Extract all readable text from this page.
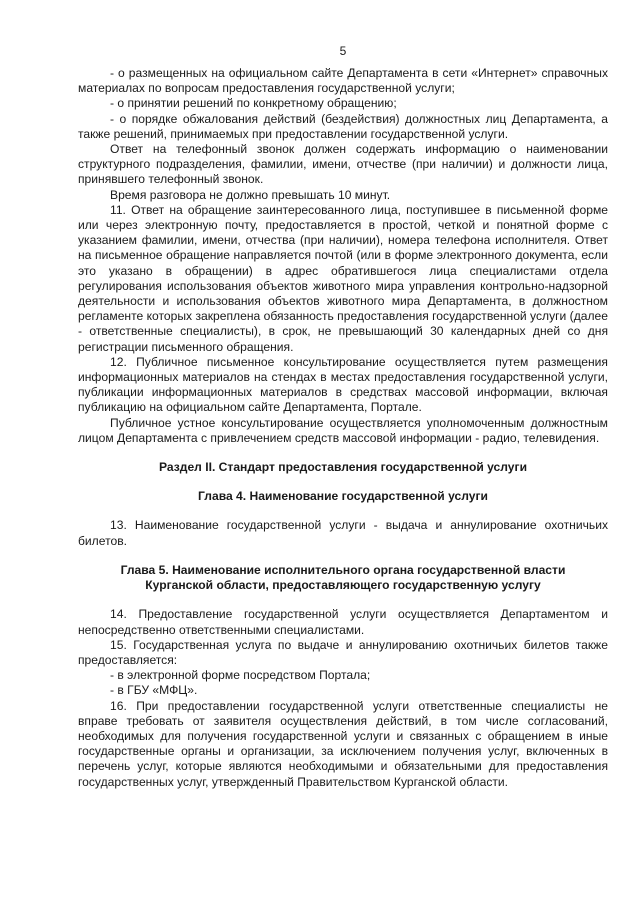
5

- о размещенных на официальном сайте Департамента в сети «Интернет» справочных материалах по вопросам предоставления государственной услуги;

- о принятии решений по конкретному обращению;

- о порядке обжалования действий (бездействия) должностных лиц Департамента, а также решений, принимаемых при предоставлении государственной услуги.

Ответ на телефонный звонок должен содержать информацию о наименовании структурного подразделения, фамилии, имени, отчестве (при наличии) и должности лица, принявшего телефонный звонок.

Время разговора не должно превышать 10 минут.

11. Ответ на обращение заинтересованного лица, поступившее в письменной форме или через электронную почту, предоставляется в простой, четкой и понятной форме с указанием фамилии, имени, отчества (при наличии), номера телефона исполнителя. Ответ на письменное обращение направляется почтой (или в форме электронного документа, если это указано в обращении) в адрес обратившегося лица специалистами отдела регулирования использования объектов животного мира управления контрольно-надзорной деятельности и использования объектов животного мира Департамента, в должностном регламенте которых закреплена обязанность предоставления государственной услуги (далее - ответственные специалисты), в срок, не превышающий 30 календарных дней со дня регистрации письменного обращения.

12. Публичное письменное консультирование осуществляется путем размещения информационных материалов на стендах в местах предоставления государственной услуги, публикации информационных материалов в средствах массовой информации, включая публикацию на официальном сайте Департамента, Портале.

Публичное устное консультирование осуществляется уполномоченным должностным лицом Департамента с привлечением средств массовой информации - радио, телевидения.

Раздел II. Стандарт предоставления государственной услуги

Глава 4. Наименование государственной услуги

13. Наименование государственной услуги - выдача и аннулирование охотничьих билетов.

Глава 5. Наименование исполнительного органа государственной власти

Курганской области, предоставляющего государственную услугу

14. Предоставление государственной услуги осуществляется Департаментом и непосредственно ответственными специалистами.

15. Государственная услуга по выдаче и аннулированию охотничьих билетов также предоставляется:

- в электронной форме посредством Портала;

- в ГБУ «МФЦ».

16. При предоставлении государственной услуги ответственные специалисты не вправе требовать от заявителя осуществления действий, в том числе согласований, необходимых для получения государственной услуги и связанных с обращением в иные государственные органы и организации, за исключением получения услуг, включенных в перечень услуг, которые являются необходимыми и обязательными для предоставления государственных услуг, утвержденный Правительством Курганской области.
